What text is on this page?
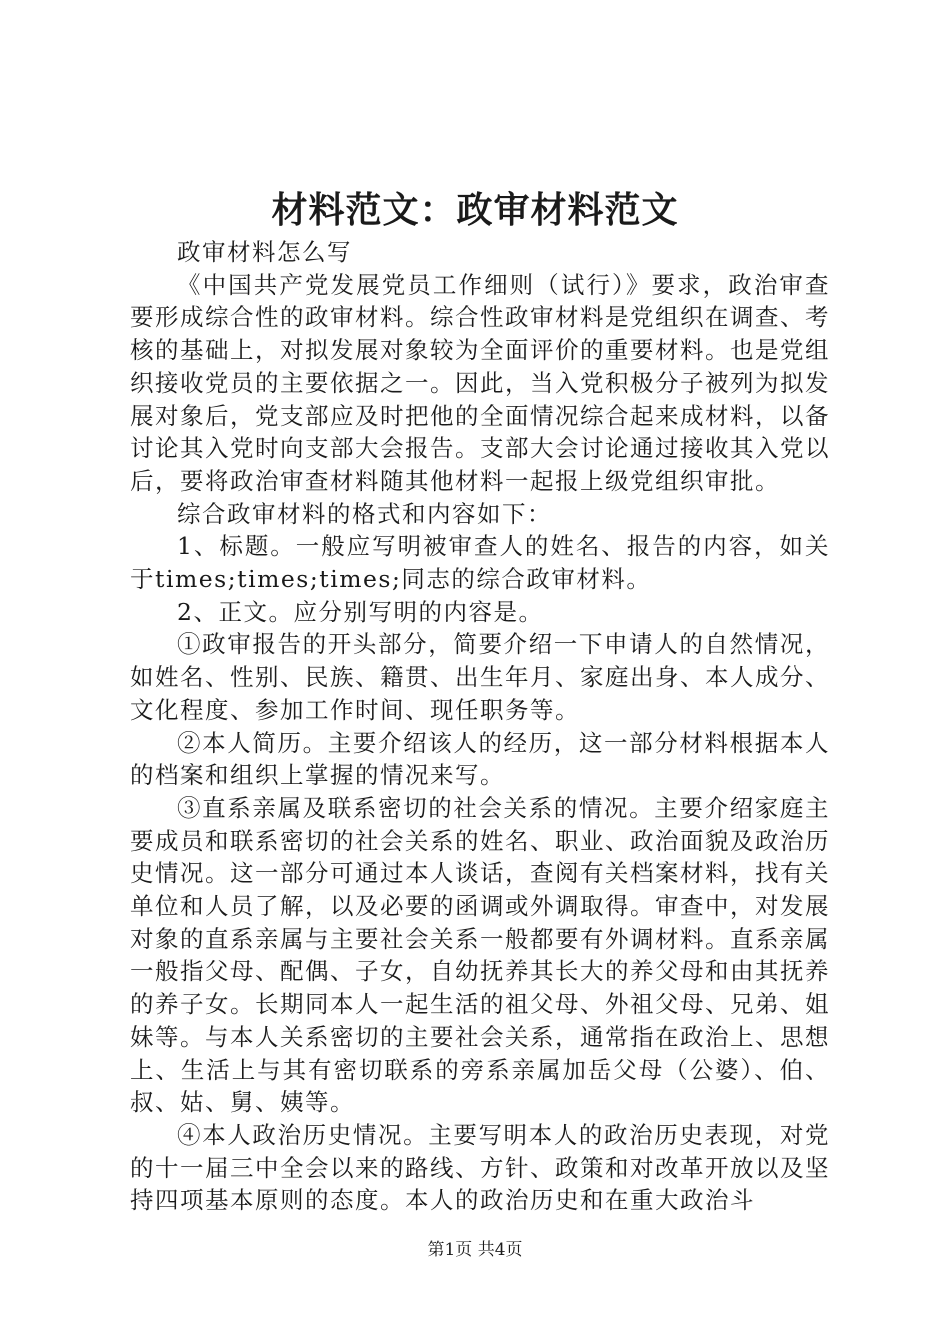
材料范文：政审材料范文

政审材料怎么写

《中国共产党发展党员工作细则（试行）》要求，政治审查要形成综合性的政审材料。综合性政审材料是党组织在调查、考核的基础上，对拟发展对象较为全面评价的重要材料。也是党组织接收党员的主要依据之一。因此，当入党积极分子被列为拟发展对象后，党支部应及时把他的全面情况综合起来成材料，以备讨论其入党时向支部大会报告。支部大会讨论通过接收其入党以后，要将政治审查材料随其他材料一起报上级党组织审批。

综合政审材料的格式和内容如下：

1、标题。一般应写明被审查人的姓名、报告的内容，如关于times;times;times;同志的综合政审材料。

2、正文。应分别写明的内容是。

①政审报告的开头部分，简要介绍一下申请人的自然情况，如姓名、性别、民族、籍贯、出生年月、家庭出身、本人成分、文化程度、参加工作时间、现任职务等。

②本人简历。主要介绍该人的经历，这一部分材料根据本人的档案和组织上掌握的情况来写。

③直系亲属及联系密切的社会关系的情况。主要介绍家庭主要成员和联系密切的社会关系的姓名、职业、政治面貌及政治历史情况。这一部分可通过本人谈话，查阅有关档案材料，找有关单位和人员了解，以及必要的函调或外调取得。审查中，对发展对象的直系亲属与主要社会关系一般都要有外调材料。直系亲属一般指父母、配偶、子女，自幼抚养其长大的养父母和由其抚养的养子女。长期同本人一起生活的祖父母、外祖父母、兄弟、姐妹等。与本人关系密切的主要社会关系，通常指在政治上、思想上、生活上与其有密切联系的旁系亲属加岳父母（公婆）、伯、叔、姑、舅、姨等。

④本人政治历史情况。主要写明本人的政治历史表现，对党的十一届三中全会以来的路线、方针、政策和对改革开放以及坚持四项基本原则的态度。本人的政治历史和在重大政治斗

第1页 共4页
